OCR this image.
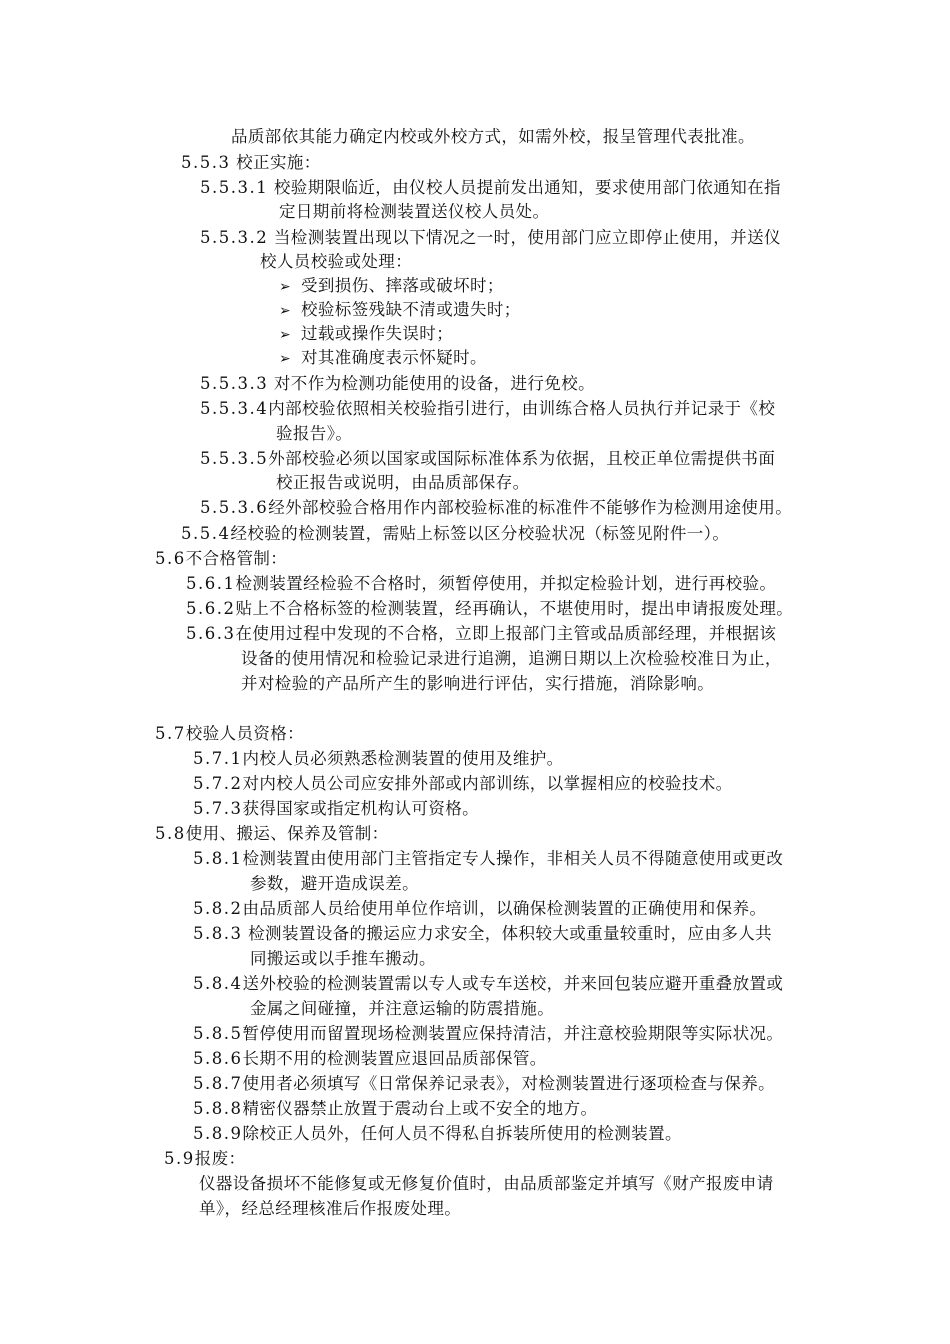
品质部依其能力确定内校或外校方式，如需外校，报呈管理代表批准。
5.5.3 校正实施：
5.5.3.1 校验期限临近，由仪校人员提前发出通知，要求使用部门依通知在指
定日期前将检测装置送仪校人员处。
5.5.3.2 当检测装置出现以下情况之一时，使用部门应立即停止使用，并送仪
校人员校验或处理：
➢ 受到损伤、摔落或破坏时；
➢ 校验标签残缺不清或遗失时；
➢ 过载或操作失误时；
➢ 对其准确度表示怀疑时。
5.5.3.3 对不作为检测功能使用的设备，进行免校。
5.5.3.4内部校验依照相关校验指引进行，由训练合格人员执行并记录于《校
验报告》。
5.5.3.5外部校验必须以国家或国际标准体系为依据，且校正单位需提供书面
校正报告或说明，由品质部保存。
5.5.3.6经外部校验合格用作内部校验标准的标准件不能够作为检测用途使用。
5.5.4经校验的检测装置，需贴上标签以区分校验状况（标签见附件一）。
5.6不合格管制：
5.6.1检测装置经检验不合格时，须暂停使用，并拟定检验计划，进行再校验。
5.6.2贴上不合格标签的检测装置，经再确认，不堪使用时，提出申请报废处理。
5.6.3在使用过程中发现的不合格，立即上报部门主管或品质部经理，并根据该
设备的使用情况和检验记录进行追溯，追溯日期以上次检验校准日为止，
并对检验的产品所产生的影响进行评估，实行措施，消除影响。
5.7校验人员资格：
5.7.1内校人员必须熟悉检测装置的使用及维护。
5.7.2对内校人员公司应安排外部或内部训练，以掌握相应的校验技术。
5.7.3获得国家或指定机构认可资格。
5.8使用、搬运、保养及管制：
5.8.1检测装置由使用部门主管指定专人操作，非相关人员不得随意使用或更改
参数，避开造成误差。
5.8.2由品质部人员给使用单位作培训，以确保检测装置的正确使用和保养。
5.8.3 检测装置设备的搬运应力求安全，体积较大或重量较重时，应由多人共
同搬运或以手推车搬动。
5.8.4送外校验的检测装置需以专人或专车送校，并来回包装应避开重叠放置或
金属之间碰撞，并注意运输的防震措施。
5.8.5暂停使用而留置现场检测装置应保持清洁，并注意校验期限等实际状况。
5.8.6长期不用的检测装置应退回品质部保管。
5.8.7使用者必须填写《日常保养记录表》，对检测装置进行逐项检查与保养。
5.8.8精密仪器禁止放置于震动台上或不安全的地方。
5.8.9除校正人员外，任何人员不得私自拆装所使用的检测装置。
5.9报废：
仪器设备损坏不能修复或无修复价值时，由品质部鉴定并填写《财产报废申请
单》，经总经理核准后作报废处理。
